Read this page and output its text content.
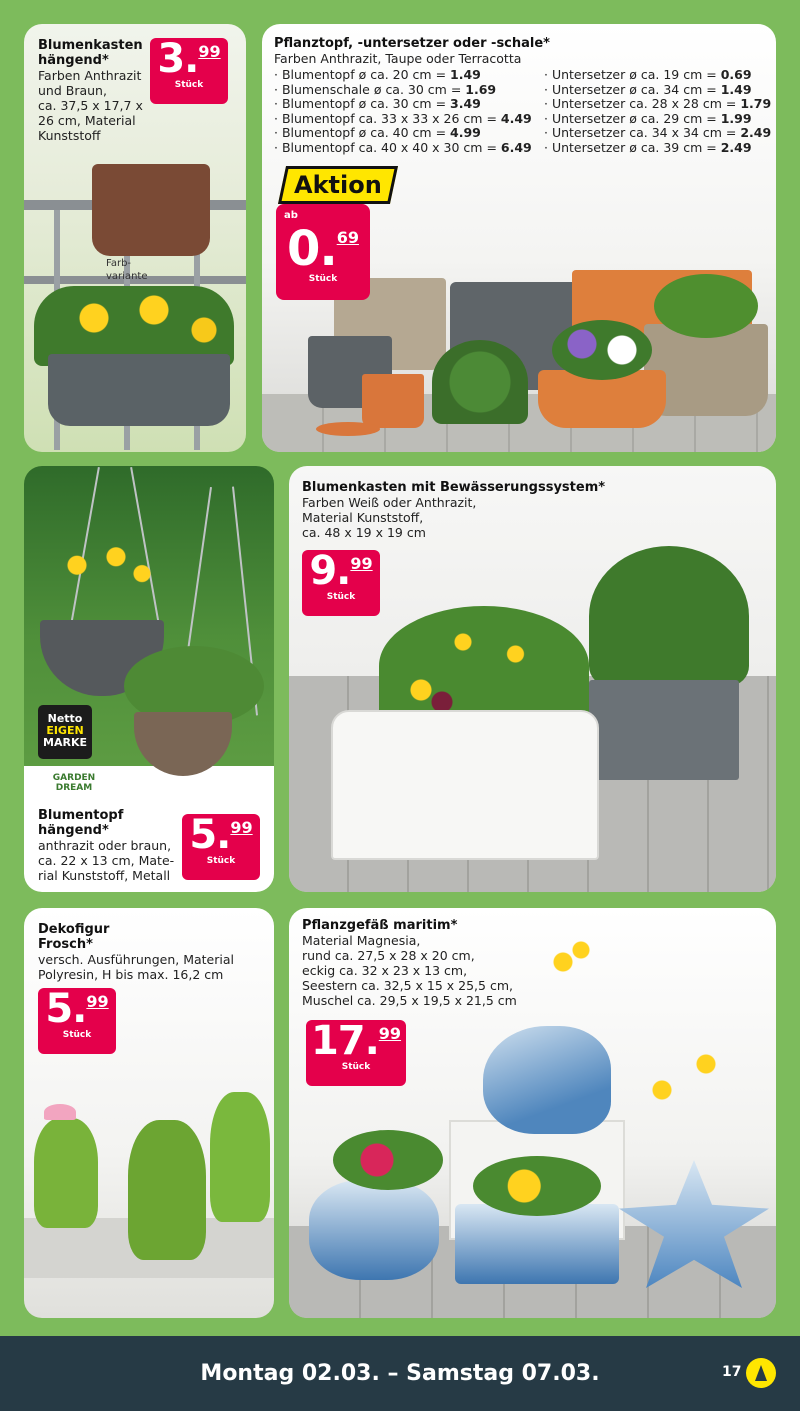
Blumenkasten
hängend*
Farben Anthrazit
und Braun,
ca. 37,5 x 17,7 x
26 cm, Material
Kunststoff
Farb-
variante
3.99
Stück
Pflanztopf, -untersetzer oder -schale*
Farben Anthrazit, Taupe oder Terracotta
· Blumentopf ø ca. 20 cm = 1.49
· Blumenschale ø ca. 30 cm = 1.69
· Blumentopf ø ca. 30 cm = 3.49
· Blumentopf ca. 33 x 33 x 26 cm = 4.49
· Blumentopf ø ca. 40 cm = 4.99
· Blumentopf ca. 40 x 40 x 30 cm = 6.49
· Untersetzer ø ca. 19 cm = 0.69
· Untersetzer ø ca. 34 cm = 1.49
· Untersetzer ca. 28 x 28 cm = 1.79
· Untersetzer ø ca. 29 cm = 1.99
· Untersetzer ca. 34 x 34 cm = 2.49
· Untersetzer ø ca. 39 cm = 2.49
ab
0.69
Stück
Aktion
Netto
EIGEN
MARKE
GARDEN
DREAM
Blumentopf
hängend*
anthrazit oder braun,
ca. 22 x 13 cm, Mate-
rial Kunststoff, Metall
5.99
Stück
Blumenkasten mit Bewässerungssystem*
Farben Weiß oder Anthrazit,
Material Kunststoff,
ca. 48 x 19 x 19 cm
9.99
Stück
Dekofigur
Frosch*
versch. Ausführungen, Material
Polyresin, H bis max. 16,2 cm
5.99
Stück
Pflanzgefäß maritim*
Material Magnesia,
rund ca. 27,5 x 28 x 20 cm,
eckig ca. 32 x 23 x 13 cm,
Seestern ca. 32,5 x 15 x 25,5 cm,
Muschel ca. 29,5 x 19,5 x 21,5 cm
17.99
Stück
Montag 02.03. – Samstag 07.03.	17
